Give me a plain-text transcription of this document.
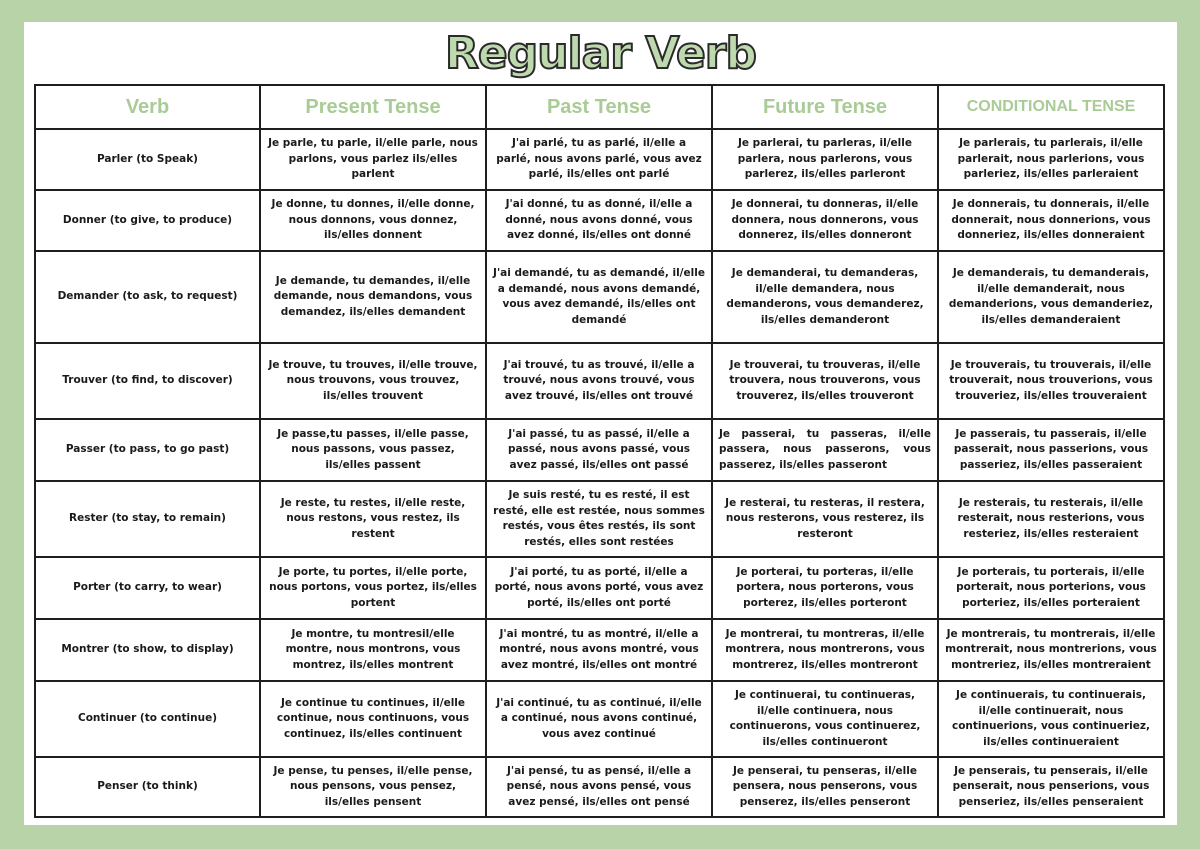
Regular Verb
Verb	Present Tense	Past Tense	Future Tense	CONDITIONAL TENSE
Parler (to Speak)	Je parle, tu parle, il/elle parle, nous parlons, vous parlez ils/elles parlent	J'ai parlé, tu as parlé, il/elle a parlé, nous avons parlé, vous avez parlé, ils/elles ont parlé	Je parlerai, tu parleras, il/elle parlera, nous parlerons, vous parlerez, ils/elles parleront	Je parlerais, tu parlerais, il/elle parlerait, nous parlerions, vous parleriez, ils/elles parleraient
Donner (to give, to produce)	Je donne, tu donnes, il/elle donne, nous donnons, vous donnez, ils/elles donnent	J'ai donné, tu as donné, il/elle a donné, nous avons donné, vous avez donné, ils/elles ont donné	Je donnerai, tu donneras, il/elle donnera, nous donnerons, vous donnerez, ils/elles donneront	Je donnerais, tu donnerais, il/elle donnerait, nous donnerions, vous donneriez, ils/elles donneraient
Demander (to ask, to request)	Je demande, tu demandes, il/elle demande, nous demandons, vous demandez, ils/elles demandent	J'ai demandé, tu as demandé, il/elle a demandé, nous avons demandé, vous avez demandé, ils/elles ont demandé	Je demanderai, tu demanderas, il/elle demandera, nous demanderons, vous demanderez, ils/elles demanderont	Je demanderais, tu demanderais, il/elle demanderait, nous demanderions, vous demanderiez, ils/elles demanderaient
Trouver (to find, to discover)	Je trouve, tu trouves, il/elle trouve, nous trouvons, vous trouvez, ils/elles trouvent	J'ai trouvé, tu as trouvé, il/elle a trouvé, nous avons trouvé, vous avez trouvé, ils/elles ont trouvé	Je trouverai, tu trouveras, il/elle trouvera, nous trouverons, vous trouverez, ils/elles trouveront	Je trouverais, tu trouverais, il/elle trouverait, nous trouverions, vous trouveriez, ils/elles trouveraient
Passer (to pass, to go past)	Je passe,tu passes, il/elle passe, nous passons, vous passez, ils/elles passent	J'ai passé, tu as passé, il/elle a passé, nous avons passé, vous avez passé, ils/elles ont passé	Je passerai, tu passeras, il/elle passera, nous passerons, vous passerez, ils/elles passeront	Je passerais, tu passerais, il/elle passerait, nous passerions, vous passeriez, ils/elles passeraient
Rester (to stay, to remain)	Je reste, tu restes, il/elle reste, nous restons, vous restez, ils restent	Je suis resté, tu es resté, il est resté, elle est restée, nous sommes restés, vous êtes restés, ils sont restés, elles sont restées	Je resterai, tu resteras, il restera, nous resterons, vous resterez, ils resteront	Je resterais, tu resterais, il/elle resterait, nous resterions, vous resteriez, ils/elles resteraient
Porter (to carry, to wear)	Je porte, tu portes, il/elle porte, nous portons, vous portez, ils/elles portent	J'ai porté, tu as porté, il/elle a porté, nous avons porté, vous avez porté, ils/elles ont porté	Je porterai, tu porteras, il/elle portera, nous porterons, vous porterez, ils/elles porteront	Je porterais, tu porterais, il/elle porterait, nous porterions, vous porteriez, ils/elles porteraient
Montrer (to show, to display)	Je montre, tu montresil/elle montre, nous montrons, vous montrez, ils/elles montrent	J'ai montré, tu as montré, il/elle a montré, nous avons montré, vous avez montré, ils/elles ont montré	Je montrerai, tu montreras, il/elle montrera, nous montrerons, vous montrerez, ils/elles montreront	Je montrerais, tu montrerais, il/elle montrerait, nous montrerions, vous montreriez, ils/elles montreraient
Continuer (to continue)	Je continue tu continues, il/elle continue, nous continuons, vous continuez, ils/elles continuent	J'ai continué, tu as continué, il/elle a continué, nous avons continué, vous avez continué	Je continuerai, tu continueras, il/elle continuera, nous continuerons, vous continuerez, ils/elles continueront	Je continuerais, tu continuerais, il/elle continuerait, nous continuerions, vous continueriez, ils/elles continueraient
Penser (to think)	Je pense, tu penses, il/elle pense, nous pensons, vous pensez, ils/elles pensent	J'ai pensé, tu as pensé, il/elle a pensé, nous avons pensé, vous avez pensé, ils/elles ont pensé	Je penserai, tu penseras, il/elle pensera, nous penserons, vous penserez, ils/elles penseront	Je penserais, tu penserais, il/elle penserait, nous penserions, vous penseriez, ils/elles penseraient
